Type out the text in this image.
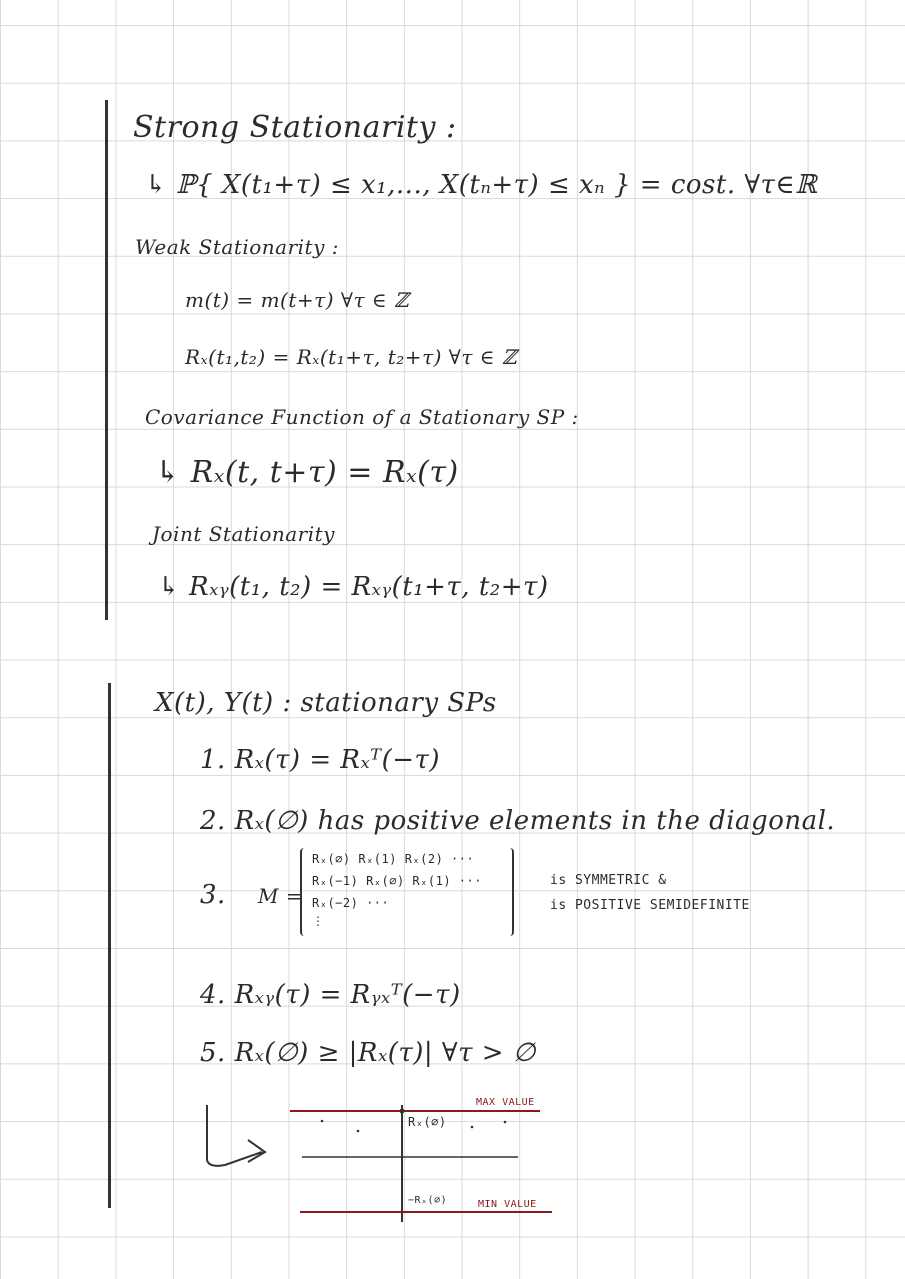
Strong Stationarity :
↳ ℙ{ X(t₁+τ) ≤ x₁,..., X(tₙ+τ) ≤ xₙ } = cost. ∀τ∈ℝ
Weak Stationarity :
m(t) = m(t+τ) ∀τ ∈ ℤ
Rₓ(t₁,t₂) = Rₓ(t₁+τ, t₂+τ) ∀τ ∈ ℤ
Covariance Function of a Stationary SP :
↳ Rₓ(t, t+τ) = Rₓ(τ)
Joint Stationarity
↳ Rₓᵧ(t₁, t₂) = Rₓᵧ(t₁+τ, t₂+τ)
X(t), Y(t) : stationary SPs
1. Rₓ(τ) = Rₓᵀ(−τ)
2. Rₓ(∅) has positive elements in the diagonal.
3. M =
Rₓ(∅) Rₓ(1) Rₓ(2) ···
Rₓ(−1) Rₓ(∅) Rₓ(1) ···
Rₓ(−2) ···
⋮
is SYMMETRIC &
is POSITIVE SEMIDEFINITE
4. Rₓᵧ(τ) = Rᵧₓᵀ(−τ)
5. Rₓ(∅) ≥ |Rₓ(τ)| ∀τ > ∅
MAX VALUE
MIN VALUE
Rₓ(∅)
−Rₓ(∅)
